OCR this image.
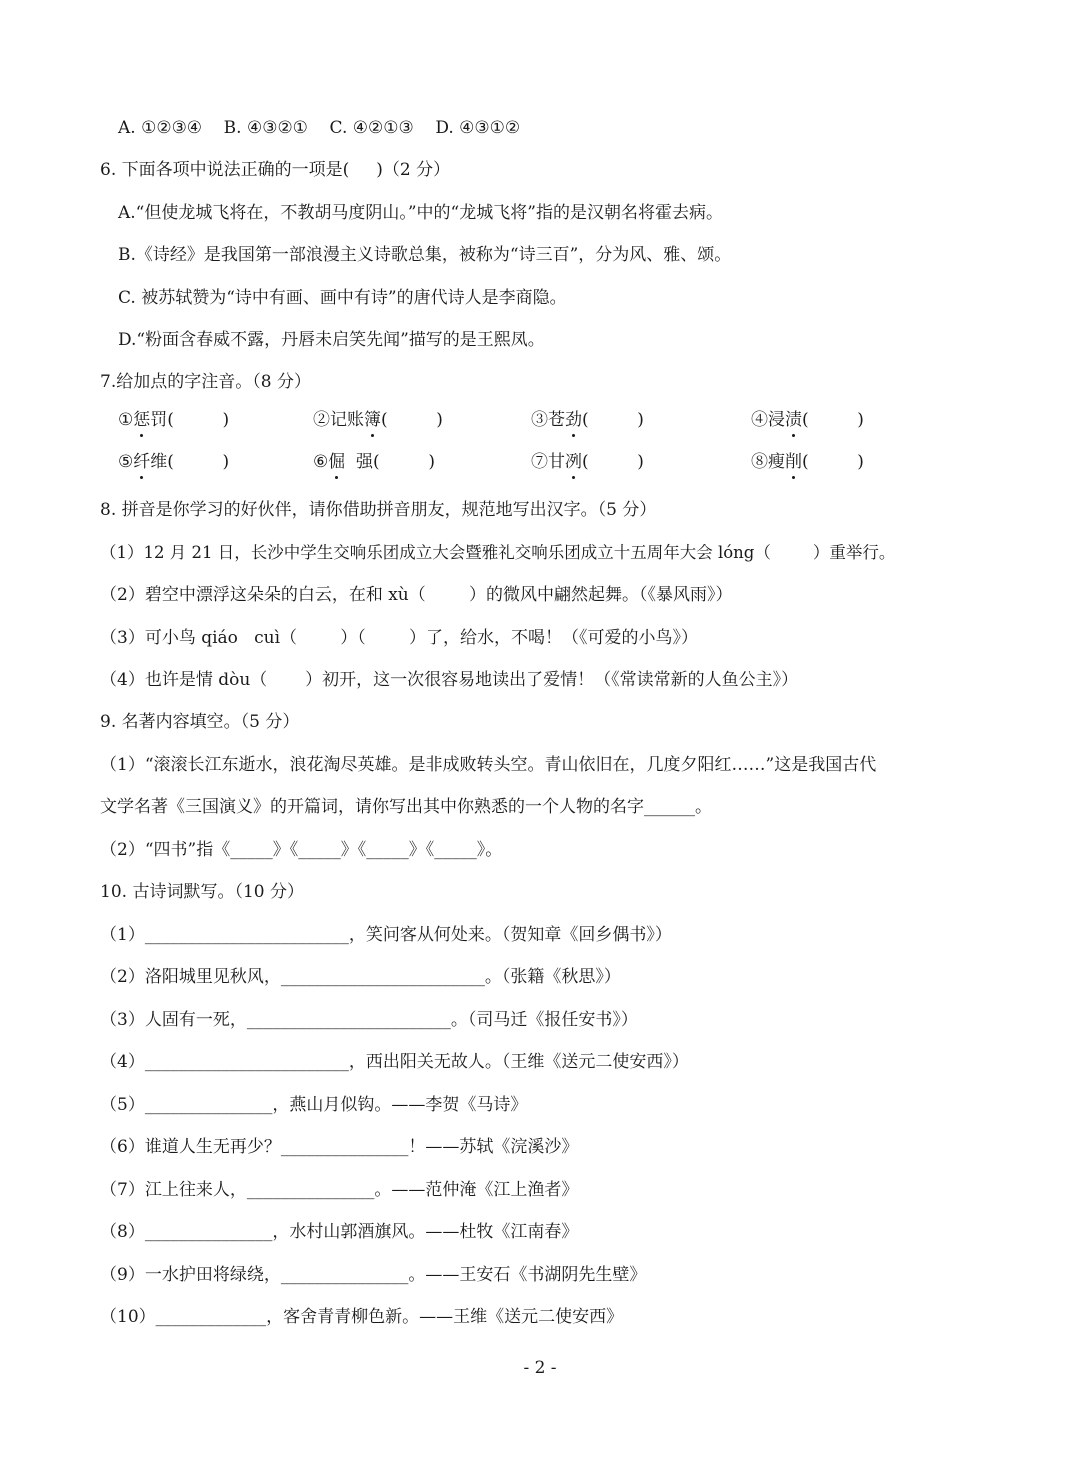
A. ①②③④    B. ④③②①    C. ④②①③    D. ④③①②
6. 下面各项中说法正确的一项是(     )（2 分）
A.“但使龙城飞将在，不教胡马度阴山。”中的“龙城飞将”指的是汉朝名将霍去病。
B.《诗经》是我国第一部浪漫主义诗歌总集，被称为“诗三百”，分为风、雅、颂。
C. 被苏轼赞为“诗中有画、画中有诗”的唐代诗人是李商隐。
D.“粉面含春威不露，丹唇未启笑先闻”描写的是王熙凤。
7.给加点的字注音。（8 分）
①惩罚(         )	②记账簿(         )	③苍劲(         )	④浸渍(         )
⑤纤维(         )	⑥倔  强(         )	⑦甘冽(         )	⑧瘦削(         )
8. 拼音是你学习的好伙伴，请你借助拼音朋友，规范地写出汉字。（5 分）
（1）12 月 21 日，长沙中学生交响乐团成立大会暨雅礼交响乐团成立十五周年大会 lóng（        ）重举行。
（2）碧空中漂浮这朵朵的白云，在和 xù（        ）的微风中翩然起舞。（《暴风雨》）
（3）可小鸟 qiáo   cuì（        ）（        ）了，给水，不喝！（《可爱的小鸟》）
（4）也许是情 dòu（       ）初开，这一次很容易地读出了爱情！（《常读常新的人鱼公主》）
9. 名著内容填空。（5 分）
（1）“滚滚长江东逝水，浪花淘尽英雄。是非成败转头空。青山依旧在，几度夕阳红……”这是我国古代
文学名著《三国演义》的开篇词，请你写出其中你熟悉的一个人物的名字______。
（2）“四书”指《_____》《_____》《_____》《_____》。
10. 古诗词默写。（10 分）
（1）________________________，笑问客从何处来。（贺知章《回乡偶书》）
（2）洛阳城里见秋风，________________________。（张籍《秋思》）
（3）人固有一死，________________________。（司马迁《报任安书》）
（4）________________________，西出阳关无故人。（王维《送元二使安西》）
（5）_______________，燕山月似钩。——李贺《马诗》
（6）谁道人生无再少？_______________！——苏轼《浣溪沙》
（7）江上往来人，_______________。——范仲淹《江上渔者》
（8）_______________，水村山郭酒旗风。——杜牧《江南春》
（9）一水护田将绿绕，_______________。——王安石《书湖阴先生壁》
（10）_____________，客舍青青柳色新。——王维《送元二使安西》
- 2 -
